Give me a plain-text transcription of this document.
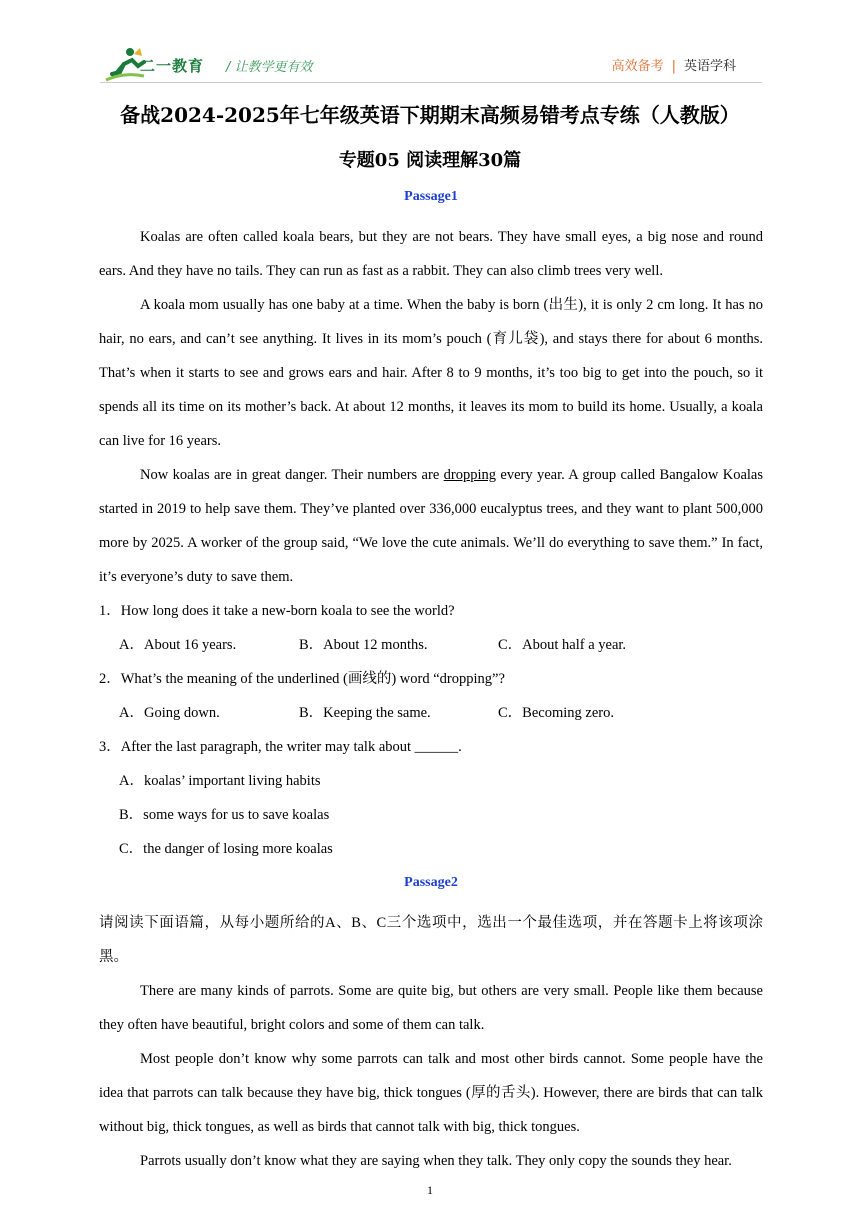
二一教育 / 让教学更有效	高效备考 | 英语学科
备战2024-2025年七年级英语下期期末高频易错考点专练（人教版）
专题05 阅读理解30篇
Passage1

Koalas are often called koala bears, but they are not bears. They have small eyes, a big nose and round ears. And they have no tails. They can run as fast as a rabbit. They can also climb trees very well.

A koala mom usually has one baby at a time. When the baby is born (出生), it is only 2 cm long. It has no hair, no ears, and can’t see anything. It lives in its mom’s pouch (育儿袋), and stays there for about 6 months. That’s when it starts to see and grows ears and hair. After 8 to 9 months, it’s too big to get into the pouch, so it spends all its time on its mother’s back. At about 12 months, it leaves its mom to build its home. Usually, a koala can live for 16 years.

Now koalas are in great danger. Their numbers are dropping every year. A group called Bangalow Koalas started in 2019 to help save them. They’ve planted over 336,000 eucalyptus trees, and they want to plant 500,000 more by 2025. A worker of the group said, “We love the cute animals. We’ll do everything to save them.” In fact, it’s everyone’s duty to save them.

1．How long does it take a new-born koala to see the world?
A．About 16 years.	B．About 12 months.	C．About half a year.
2．What’s the meaning of the underlined (画线的) word “dropping”?
A．Going down.	B．Keeping the same.	C．Becoming zero.
3．After the last paragraph, the writer may talk about ______.
A．koalas’ important living habits
B．some ways for us to save koalas
C．the danger of losing more koalas
Passage2

请阅读下面语篇，从每小题所给的A、B、C三个选项中，选出一个最佳选项，并在答题卡上将该项涂黑。

There are many kinds of parrots. Some are quite big, but others are very small. People like them because they often have beautiful, bright colors and some of them can talk.

Most people don’t know why some parrots can talk and most other birds cannot. Some people have the idea that parrots can talk because they have big, thick tongues (厚的舌头). However, there are birds that can talk without big, thick tongues, as well as birds that cannot talk with big, thick tongues.

Parrots usually don’t know what they are saying when they talk. They only copy the sounds they hear.

1
